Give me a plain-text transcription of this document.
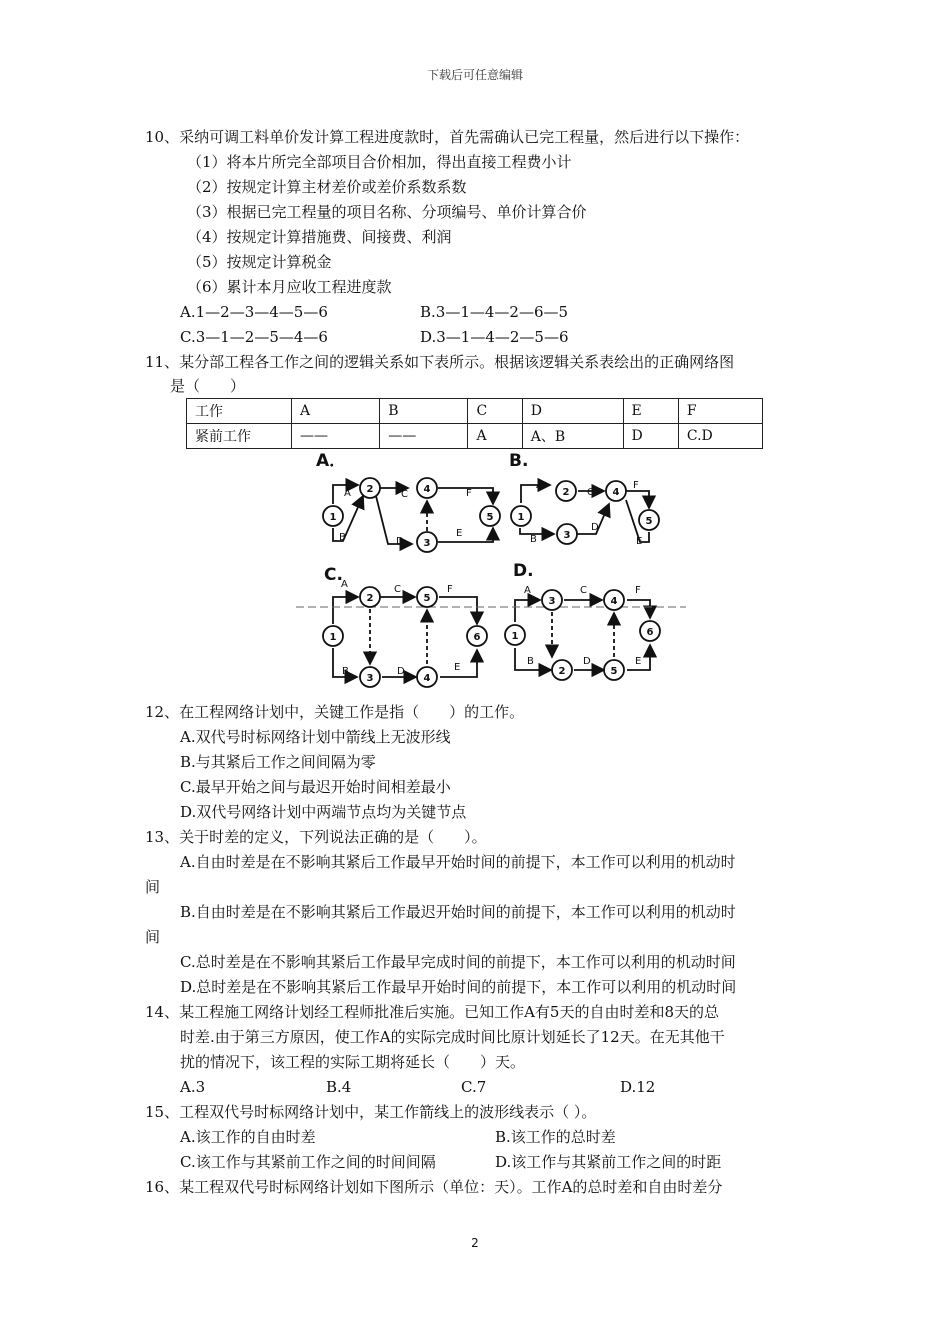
下载后可任意编辑
10、采纳可调工料单价发计算工程进度款时，首先需确认已完工程量，然后进行以下操作：
（1）将本片所完全部项目合价相加，得出直接工程费小计
（2）按规定计算主材差价或差价系数系数
（3）根据已完工程量的项目名称、分项编号、单价计算合价
（4）按规定计算措施费、间接费、利润
（5）按规定计算税金
（6）累计本月应收工程进度款
A.1—2—3—4—5—6	B.3—1—4—2—6—5
C.3—1—2—5—4—6	D.3—1—4—2—5—6
11、某分部工程各工作之间的逻辑关系如下表所示。根据该逻辑关系表绘出的正确网络图
是（　　）
工作	A	B	C	D	E	F
紧前工作	——	——	A	A、B	D	C.D
A．	B.
C.	D.
1
2	4
3
5 1
2	4
3
5
1
2	5
3	4
6	1
3	4
2	5
6
A
B
C
D
E
F
A
B
C
D
E
F
A
B
C
D	E
F	A
B
C
D	E
F
12、在工程网络计划中，关键工作是指（　　）的工作。
A.双代号时标网络计划中箭线上无波形线
B.与其紧后工作之间间隔为零
C.最早开始之间与最迟开始时间相差最小
D.双代号网络计划中两端节点均为关键节点
13、关于时差的定义，下列说法正确的是（　　）。
A.自由时差是在不影响其紧后工作最早开始时间的前提下，本工作可以利用的机动时
间
B.自由时差是在不影响其紧后工作最迟开始时间的前提下，本工作可以利用的机动时
间
C.总时差是在不影响其紧后工作最早完成时间的前提下，本工作可以利用的机动时间
D.总时差是在不影响其紧后工作最早开始时间的前提下，本工作可以利用的机动时间
14、某工程施工网络计划经工程师批准后实施。已知工作A有5天的自由时差和8天的总
时差.由于第三方原因，使工作A的实际完成时间比原计划延长了12天。在无其他干
扰的情况下，该工程的实际工期将延长（　　）天。
A.3	B.4	C.7	D.12
15、工程双代号时标网络计划中，某工作箭线上的波形线表示（ ）。
A.该工作的自由时差	B.该工作的总时差
C.该工作与其紧前工作之间的时间间隔	D.该工作与其紧前工作之间的时距
16、某工程双代号时标网络计划如下图所示（单位：天）。工作A的总时差和自由时差分
2
